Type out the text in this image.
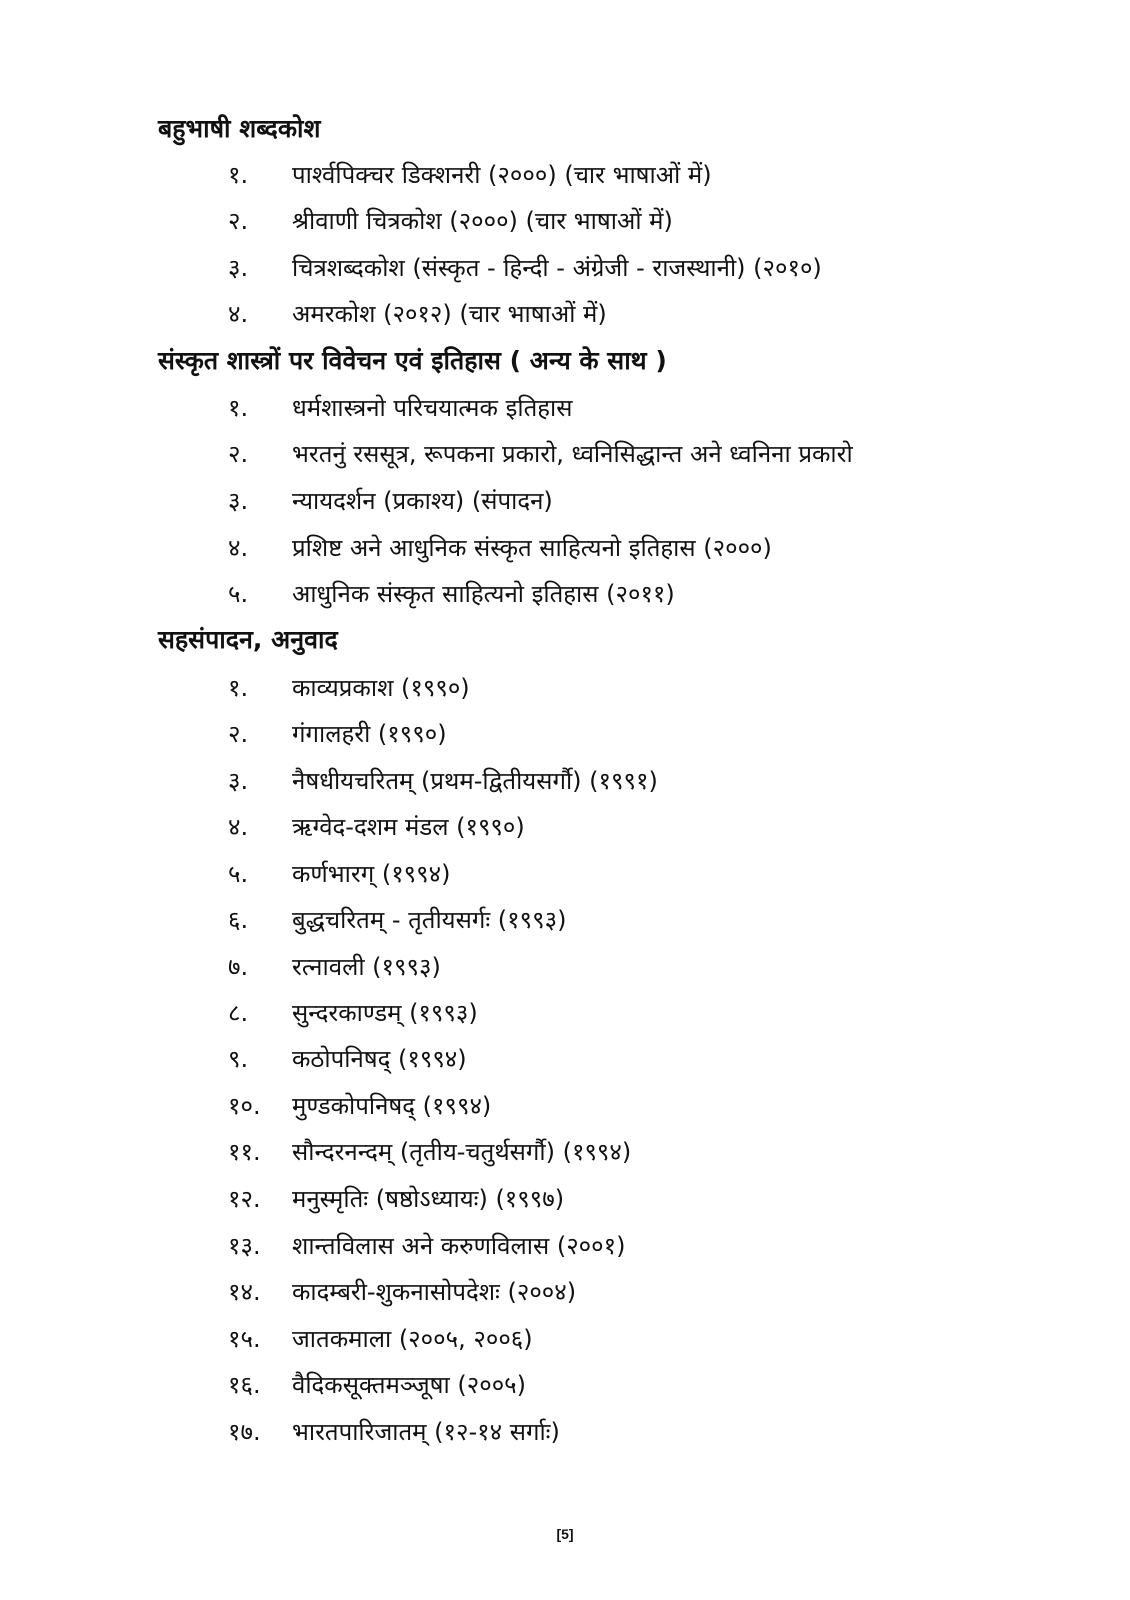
बहुभाषी शब्दकोश
१.	पार्श्वपिक्चर डिक्शनरी (२०००) (चार भाषाओं में)
२.	श्रीवाणी चित्रकोश (२०००) (चार भाषाओं में)
३.	चित्रशब्दकोश (संस्कृत - हिन्दी - अंग्रेजी - राजस्थानी) (२०१०)
४.	अमरकोश (२०१२) (चार भाषाओं में)
संस्कृत शास्त्रों पर विवेचन एवं इतिहास ( अन्य के साथ )
१.	धर्मशास्त्रनो परिचयात्मक इतिहास
२.	भरतनुं रससूत्र, रूपकना प्रकारो, ध्वनिसिद्धान्त अने ध्वनिना प्रकारो
३.	न्यायदर्शन (प्रकाश्य) (संपादन)
४.	प्रशिष्ट अने आधुनिक संस्कृत साहित्यनो इतिहास (२०००)
५.	आधुनिक संस्कृत साहित्यनो इतिहास (२०११)
सहसंपादन, अनुवाद
१.	काव्यप्रकाश (१९९०)
२.	गंगालहरी (१९९०)
३.	नैषधीयचरितम् (प्रथम-द्वितीयसर्गौ) (१९९१)
४.	ऋग्वेद-दशम मंडल (१९९०)
५.	कर्णभारग् (१९९४)
६.	बुद्धचरितम् - तृतीयसर्गः (१९९३)
७.	रत्नावली (१९९३)
८.	सुन्दरकाण्डम् (१९९३)
९.	कठोपनिषद् (१९९४)
१०.	मुण्डकोपनिषद् (१९९४)
११.	सौन्दरनन्दम् (तृतीय-चतुर्थसर्गौ) (१९९४)
१२.	मनुस्मृतिः (षष्ठोऽध्यायः) (१९९७)
१३.	शान्तविलास अने करुणविलास (२००१)
१४.	कादम्बरी-शुकनासोपदेशः (२००४)
१५.	जातकमाला (२००५, २००६)
१६.	वैदिकसूक्तमञ्जूषा (२००५)
१७.	भारतपारिजातम् (१२-१४ सर्गाः)
[5]
